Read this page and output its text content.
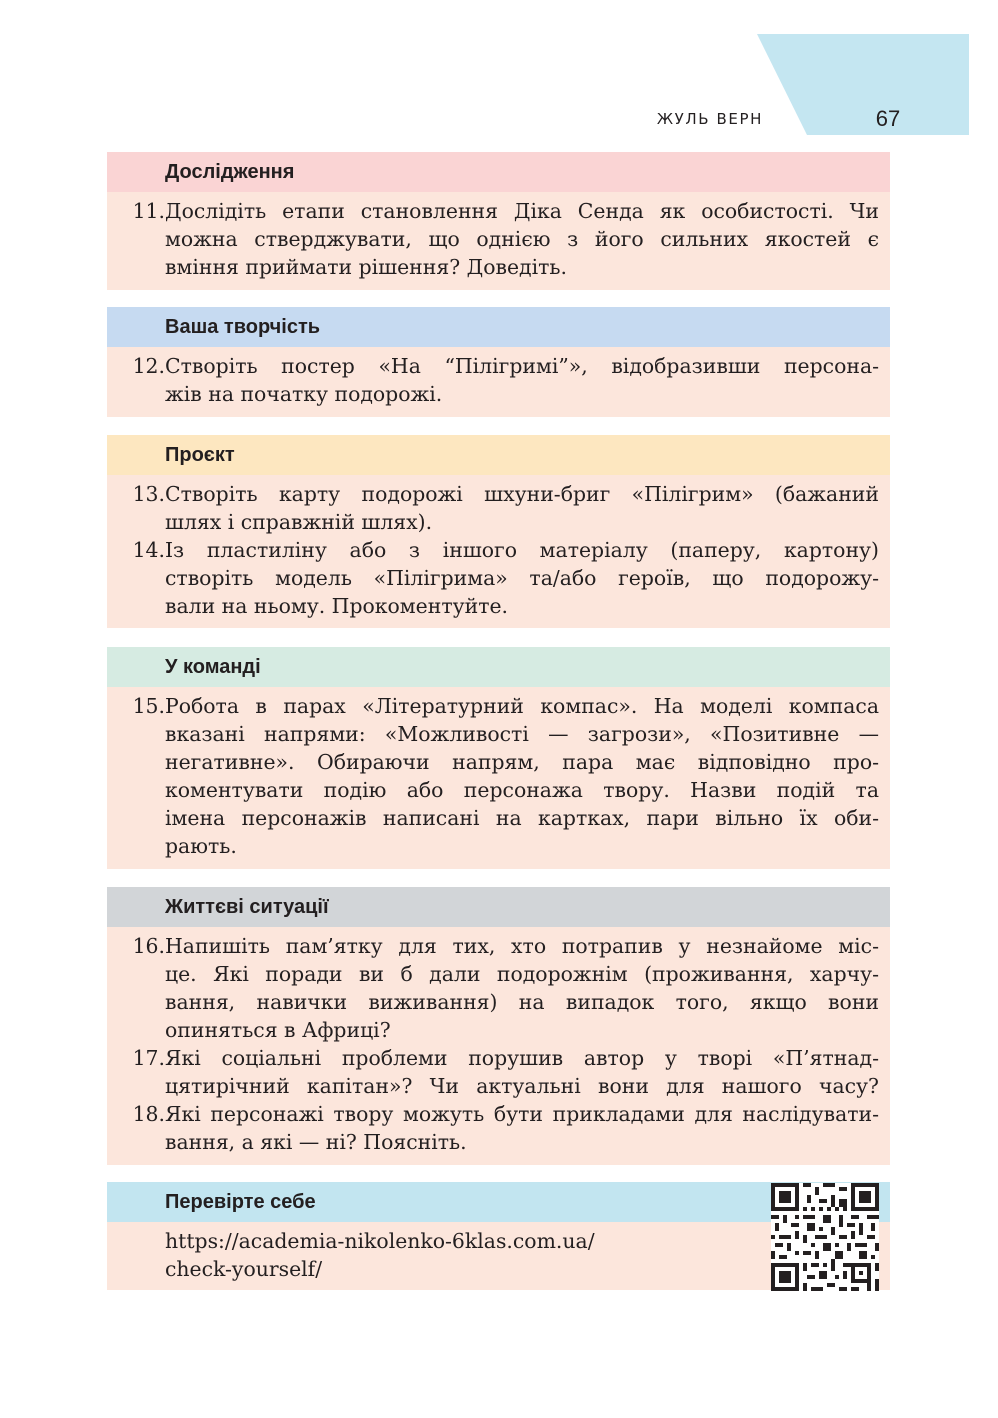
ЖУЛЬ ВЕРН	67
Дослідження
11. Дослідіть етапи становлення Діка Сенда як особистості. Чи
можна стверджувати, що однією з його сильних якостей є
вміння приймати рішення? Доведіть.
Ваша творчість
12. Створіть постер «На “Пілігримі”», відобразивши персона-
жів на початку подорожі.
Проєкт
13. Створіть карту подорожі шхуни-бриг «Пілігрим» (бажаний
шлях і справжній шлях).
14. Із пластиліну або з іншого матеріалу (паперу, картону)
створіть модель «Пілігрима» та/або героїв, що подорожу-
вали на ньому. Прокоментуйте.
У команді
15. Робота в парах «Літературний компас». На моделі компаса
вказані напрями: «Можливості — загрози», «Позитивне —
негативне». Обираючи напрям, пара має відповідно про-
коментувати подію або персонажа твору. Назви подій та
імена персонажів написані на картках, пари вільно їх оби-
рають.
Життєві ситуації
16. Напишіть пам’ятку для тих, хто потрапив у незнайоме міс-
це. Які поради ви б дали подорожнім (проживання, харчу-
вання, навички виживання) на випадок того, якщо вони
опиняться в Африці?
17. Які соціальні проблеми порушив автор у творі «П’ятнад-
цятирічний капітан»? Чи актуальні вони для нашого часу?
18. Які персонажі твору можуть бути прикладами для наслідувати-
вання, а які — ні? Поясніть.
Перевірте себе
https://academia-nikolenko-6klas.com.ua/
check-yourself/
